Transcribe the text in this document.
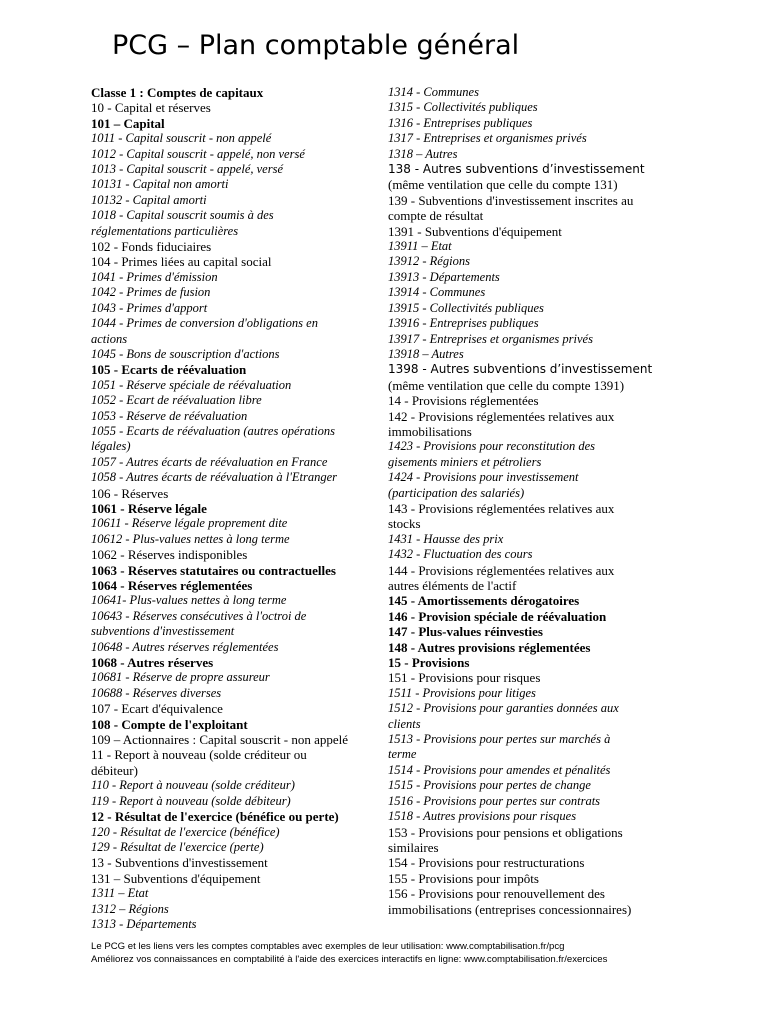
PCG – Plan comptable général
Classe 1 : Comptes de capitaux
10 - Capital et réserves
101 – Capital
1011 - Capital souscrit - non appelé
1012 - Capital souscrit - appelé, non versé
1013 - Capital souscrit - appelé, versé
10131 - Capital non amorti
10132 - Capital amorti
1018 - Capital souscrit soumis à des
réglementations particulières
102 - Fonds fiduciaires
104 - Primes liées au capital social
1041 - Primes d'émission
1042 - Primes de fusion
1043 - Primes d'apport
1044 - Primes de conversion d'obligations en
actions
1045 - Bons de souscription d'actions
105 - Ecarts de réévaluation
1051 - Réserve spéciale de réévaluation
1052 - Ecart de réévaluation libre
1053 - Réserve de réévaluation
1055 - Ecarts de réévaluation (autres opérations
légales)
1057 - Autres écarts de réévaluation en France
1058 - Autres écarts de réévaluation à l'Etranger
106 - Réserves
1061 - Réserve légale
10611 - Réserve légale proprement dite
10612 - Plus-values nettes à long terme
1062 - Réserves indisponibles
1063 - Réserves statutaires ou contractuelles
1064 - Réserves réglementées
10641- Plus-values nettes à long terme
10643 - Réserves consécutives à l'octroi de
subventions d'investissement
10648 - Autres réserves réglementées
1068 - Autres réserves
10681 - Réserve de propre assureur
10688 - Réserves diverses
107 - Ecart d'équivalence
108 - Compte de l'exploitant
109 – Actionnaires : Capital souscrit - non appelé
11 - Report à nouveau (solde créditeur ou
débiteur)
110 - Report à nouveau (solde créditeur)
119 - Report à nouveau (solde débiteur)
12 - Résultat de l'exercice (bénéfice ou perte)
120 - Résultat de l'exercice (bénéfice)
129 - Résultat de l'exercice (perte)
13 - Subventions d'investissement
131 – Subventions d'équipement
1311 – Etat
1312 – Régions
1313 - Départements
1314 - Communes
1315 - Collectivités publiques
1316 - Entreprises publiques
1317 - Entreprises et organismes privés
1318 – Autres
138 - Autres subventions d’investissement
(même ventilation que celle du compte 131)
139 - Subventions d'investissement inscrites au
compte de résultat
1391 - Subventions d'équipement
13911 – Etat
13912 - Régions
13913 - Départements
13914 - Communes
13915 - Collectivités publiques
13916 - Entreprises publiques
13917 - Entreprises et organismes privés
13918 – Autres
1398 - Autres subventions d’investissement
(même ventilation que celle du compte 1391)
14 - Provisions réglementées
142 - Provisions réglementées relatives aux
immobilisations
1423 - Provisions pour reconstitution des
gisements miniers et pétroliers
1424 - Provisions pour investissement
(participation des salariés)
143 - Provisions réglementées relatives aux
stocks
1431 - Hausse des prix
1432 - Fluctuation des cours
144 - Provisions réglementées relatives aux
autres éléments de l'actif
145 - Amortissements dérogatoires
146 - Provision spéciale de réévaluation
147 - Plus-values réinvesties
148 - Autres provisions réglementées
15 - Provisions
151 - Provisions pour risques
1511 - Provisions pour litiges
1512 - Provisions pour garanties données aux
clients
1513 - Provisions pour pertes sur marchés à
terme
1514 - Provisions pour amendes et pénalités
1515 - Provisions pour pertes de change
1516 - Provisions pour pertes sur contrats
1518 - Autres provisions pour risques
153 - Provisions pour pensions et obligations
similaires
154 - Provisions pour restructurations
155 - Provisions pour impôts
156 - Provisions pour renouvellement des
immobilisations (entreprises concessionnaires)
Le PCG et les liens vers les comptes comptables avec exemples de leur utilisation: www.comptabilisation.fr/pcg
Améliorez vos connaissances en comptabilité à l'aide des exercices interactifs en ligne: www.comptabilisation.fr/exercices
